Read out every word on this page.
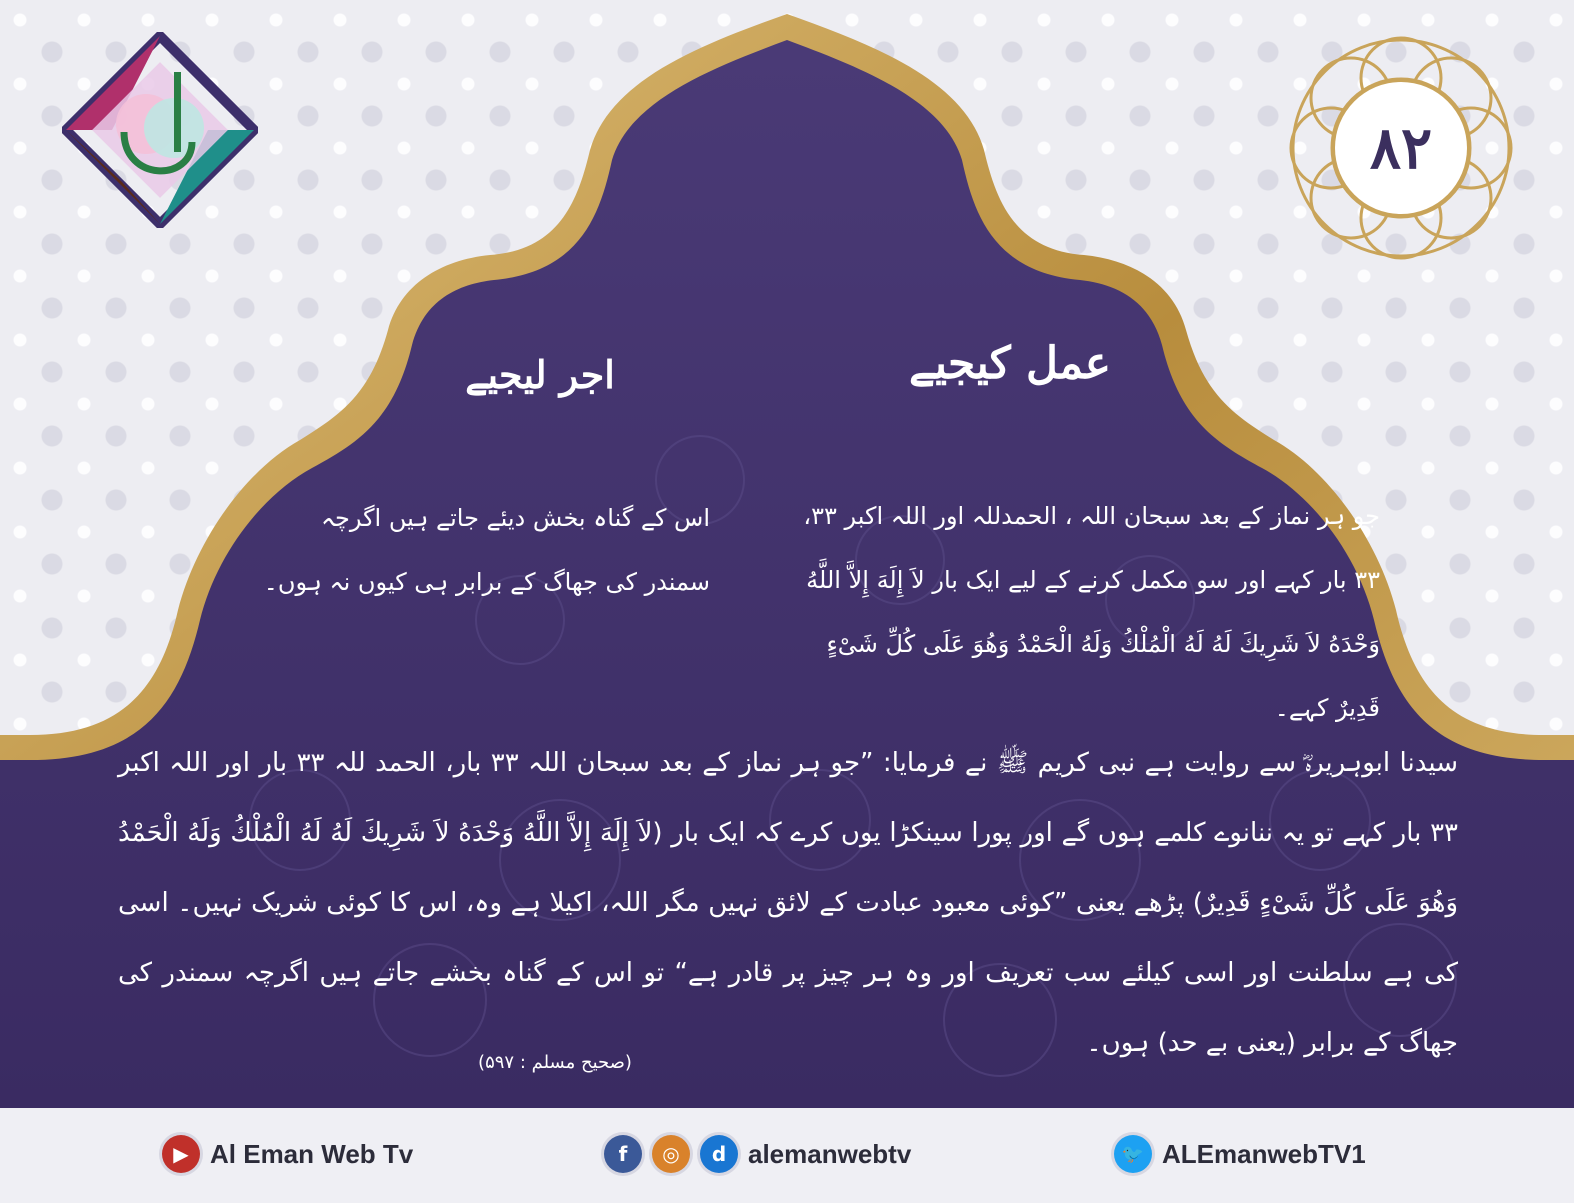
۸۲
عمل کیجیے
اجر لیجیے
جو ہر نماز کے بعد سبحان اللہ ، الحمدللہ اور اللہ اکبر ۳۳، ۳۳ بار کہے اور سو مکمل کرنے کے لیے ایک بار لاَ إِلَهَ إِلاَّ اللَّهُ وَحْدَهُ لاَ شَرِيكَ لَهُ لَهُ الْمُلْكُ وَلَهُ الْحَمْدُ وَهُوَ عَلَى كُلِّ شَىْءٍ قَدِيرٌ کہے۔
اس کے گناہ بخش دیئے جاتے ہیں اگرچہ سمندر کی جھاگ کے برابر ہی کیوں نہ ہوں۔
سیدنا ابوہریرہؓ سے روایت ہے نبی کریم ﷺ نے فرمایا: ”جو ہر نماز کے بعد سبحان اللہ ۳۳ بار، الحمد للہ ۳۳ بار اور اللہ اکبر ۳۳ بار کہے تو یہ ننانوے کلمے ہوں گے اور پورا سینکڑا یوں کرے کہ ایک بار (لاَ إِلَهَ إِلاَّ اللَّهُ وَحْدَهُ لاَ شَرِيكَ لَهُ لَهُ الْمُلْكُ وَلَهُ الْحَمْدُ وَهُوَ عَلَى كُلِّ شَىْءٍ قَدِيرٌ) پڑھے یعنی ”کوئی معبود عبادت کے لائق نہیں مگر اللہ، اکیلا ہے وہ، اس کا کوئی شریک نہیں۔ اسی کی ہے سلطنت اور اسی کیلئے سب تعریف اور وہ ہر چیز پر قادر ہے“ تو اس کے گناہ بخشے جاتے ہیں اگرچہ سمندر کی جھاگ کے برابر (یعنی بے حد) ہوں۔
(صحیح مسلم : ۵۹۷)
▶ Al Eman Web Tv	f	◎	d alemanwebtv	🐦 ALEmanwebTV1
